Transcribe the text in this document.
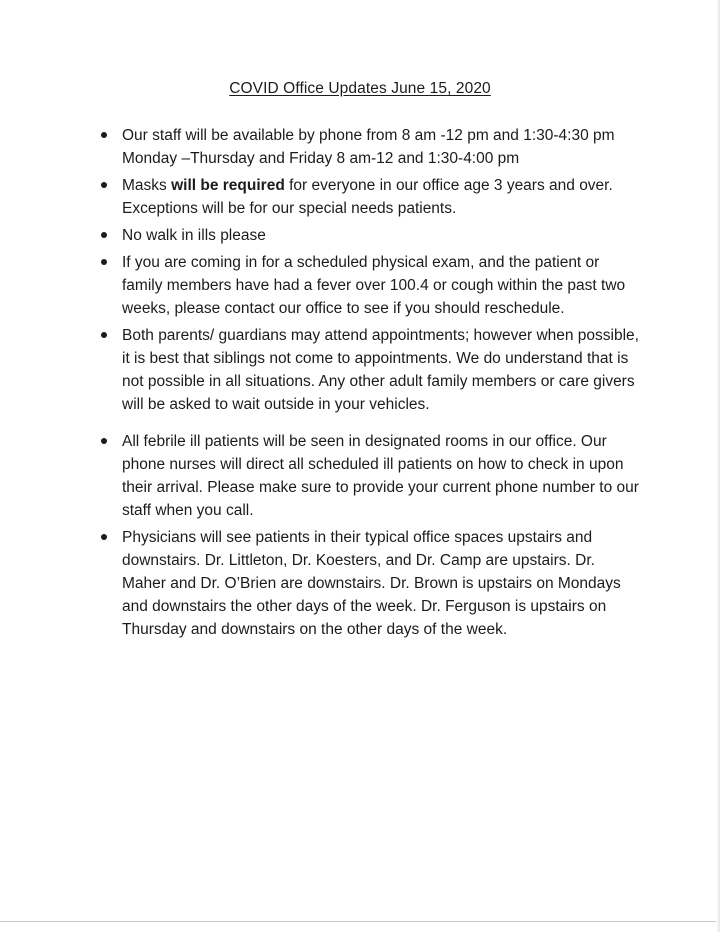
COVID Office Updates June 15, 2020
Our staff will be available by phone from 8 am -12 pm and 1:30-4:30 pm Monday –Thursday and Friday 8 am-12 and 1:30-4:00 pm
Masks will be required for everyone in our office age 3 years and over. Exceptions will be for our special needs patients.
No walk in ills please
If you are coming in for a scheduled physical exam, and the patient or family members have had a fever over 100.4 or cough within the past two weeks, please contact our office to see if you should reschedule.
Both parents/ guardians may attend appointments; however when possible, it is best that siblings not come to appointments. We do understand that is not possible in all situations. Any other adult family members or care givers will be asked to wait outside in your vehicles.
All febrile ill patients will be seen in designated rooms in our office. Our phone nurses will direct all scheduled ill patients on how to check in upon their arrival. Please make sure to provide your current phone number to our staff when you call.
Physicians will see patients in their typical office spaces upstairs and downstairs. Dr. Littleton, Dr. Koesters, and Dr. Camp are upstairs. Dr. Maher and Dr. O’Brien are downstairs. Dr. Brown is upstairs on Mondays and downstairs the other days of the week. Dr. Ferguson is upstairs on Thursday and downstairs on the other days of the week.
